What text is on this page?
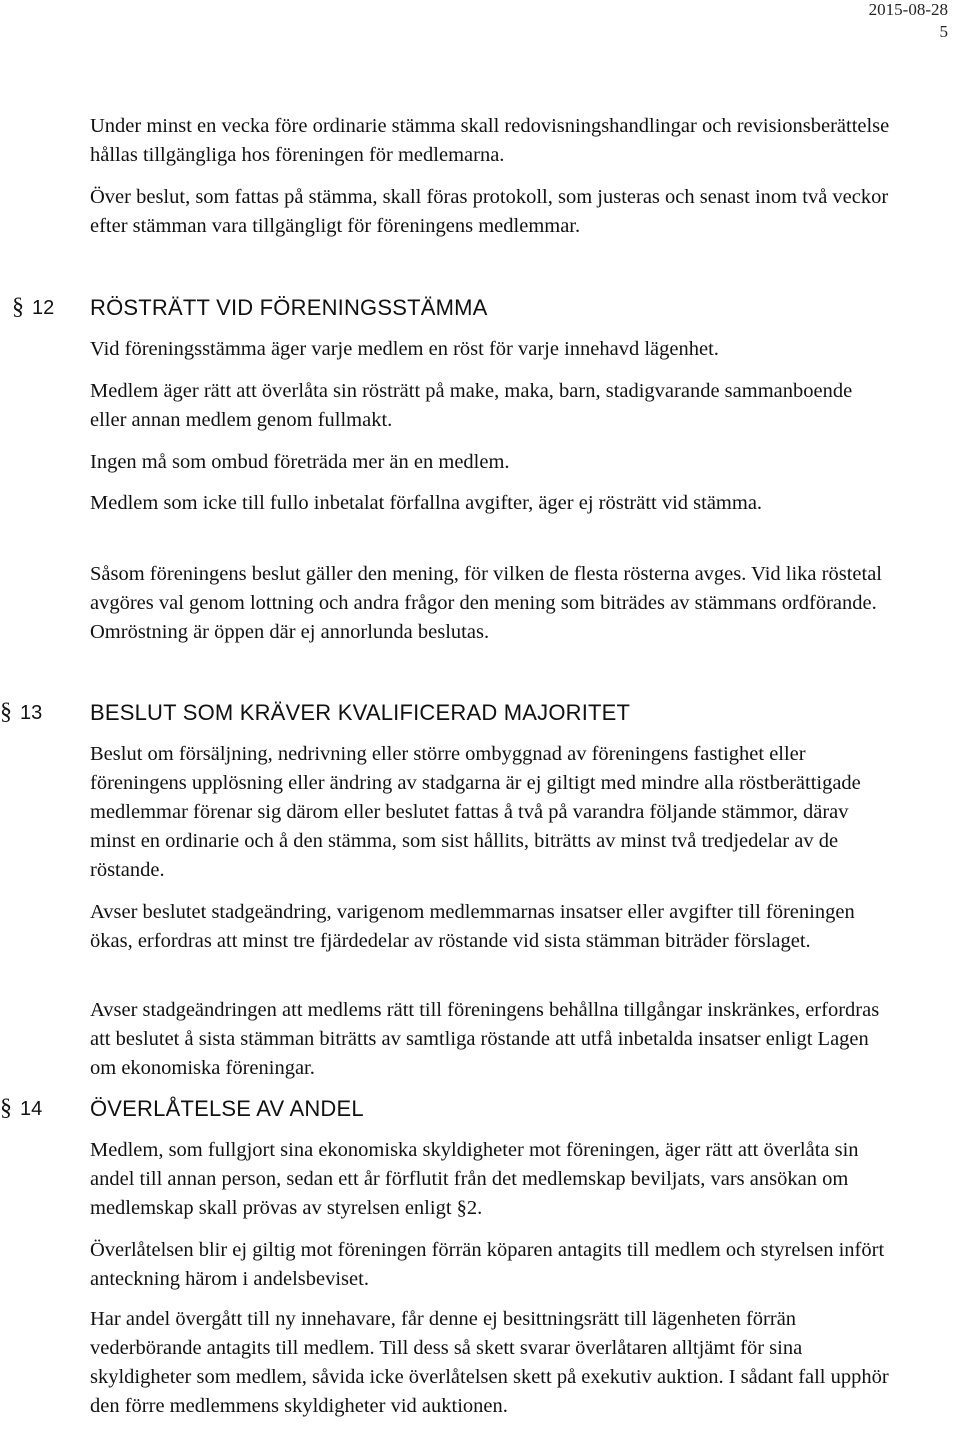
2015-08-28
5

Under minst en vecka före ordinarie stämma skall redovisningshandlingar och revisionsberättelse hållas tillgängliga hos föreningen för medlemarna.

Över beslut, som fattas på stämma, skall föras protokoll, som justeras och senast inom två veckor efter stämman vara tillgängligt för föreningens medlemmar.

§ 12 RÖSTRÄTT VID FÖRENINGSSTÄMMA

Vid föreningsstämma äger varje medlem en röst för varje innehavd lägenhet.

Medlem äger rätt att överlåta sin rösträtt på make, maka, barn, stadigvarande sammanboende eller annan medlem genom fullmakt.

Ingen må som ombud företräda mer än en medlem.

Medlem som icke till fullo inbetalat förfallna avgifter, äger ej rösträtt vid stämma.

Såsom föreningens beslut gäller den mening, för vilken de flesta rösterna avges. Vid lika röstetal avgöres val genom lottning och andra frågor den mening som biträdes av stämmans ordförande. Omröstning är öppen där ej annorlunda beslutas.

§ 13 BESLUT SOM KRÄVER KVALIFICERAD MAJORITET

Beslut om försäljning, nedrivning eller större ombyggnad av föreningens fastighet eller föreningens upplösning eller ändring av stadgarna är ej giltigt med mindre alla röstberättigade medlemmar förenar sig därom eller beslutet fattas å två på varandra följande stämmor, därav minst en ordinarie och å den stämma, som sist hållits, biträtts av minst två tredjedelar av de röstande.

Avser beslutet stadgeändring, varigenom medlemmarnas insatser eller avgifter till föreningen ökas, erfordras att minst tre fjärdedelar av röstande vid sista stämman biträder förslaget.

Avser stadgeändringen att medlems rätt till föreningens behållna tillgångar inskränkes, erfordras att beslutet å sista stämman biträtts av samtliga röstande att utfå inbetalda insatser enligt Lagen om ekonomiska föreningar.

§ 14 ÖVERLÅTELSE AV ANDEL

Medlem, som fullgjort sina ekonomiska skyldigheter mot föreningen, äger rätt att överlåta sin andel till annan person, sedan ett år förflutit från det medlemskap beviljats, vars ansökan om medlemskap skall prövas av styrelsen enligt §2.

Överlåtelsen blir ej giltig mot föreningen förrän köparen antagits till medlem och styrelsen infört anteckning härom i andelsbeviset.

Har andel övergått till ny innehavare, får denne ej besittningsrätt till lägenheten förrän vederbörande antagits till medlem. Till dess så skett svarar överlåtaren alltjämt för sina skyldigheter som medlem, såvida icke överlåtelsen skett på exekutiv auktion. I sådant fall upphör den förre medlemmens skyldigheter vid auktionen.
